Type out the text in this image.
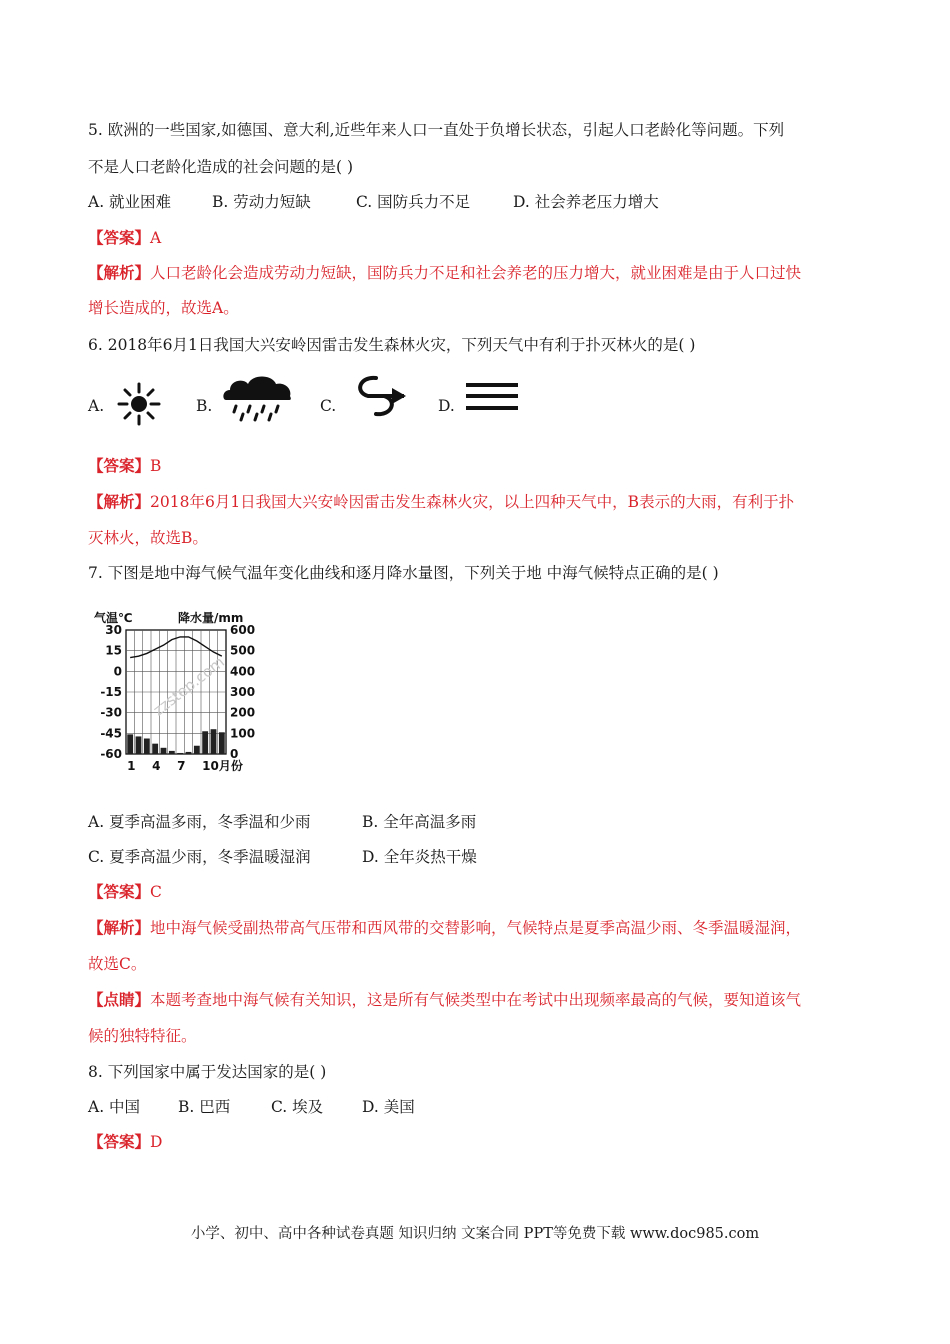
5. 欧洲的一些国家,如德国、意大利,近些年来人口一直处于负增长状态，引起人口老龄化等问题。下列
不是人口老龄化造成的社会问题的是( )
A. 就业困难	B. 劳动力短缺	C. 国防兵力不足	D. 社会养老压力增大
【答案】A
【解析】人口老龄化会造成劳动力短缺，国防兵力不足和社会养老的压力增大，就业困难是由于人口过快
增长造成的，故选A。
6. 2018年6月1日我国大兴安岭因雷击发生森林火灾，下列天气中有利于扑灭林火的是( )
A.	B.	C.	D.
【答案】B
【解析】2018年6月1日我国大兴安岭因雷击发生森林火灾，以上四种天气中，B表示的大雨，有利于扑
灭林火，故选B。
7. 下图是地中海气候气温年变化曲线和逐月降水量图，下列关于地 中海气候特点正确的是( )
气温℃	降水量/mm
30
15
0
-15
-30
-45
-60
600
500
400
300
200
100
0
zzstep.com
1 4 7 10月份
A. 夏季高温多雨，冬季温和少雨	B. 全年高温多雨
C. 夏季高温少雨，冬季温暖湿润	D. 全年炎热干燥
【答案】C
【解析】地中海气候受副热带高气压带和西风带的交替影响，气候特点是夏季高温少雨、冬季温暖湿润，
故选C。
【点睛】本题考查地中海气候有关知识，这是所有气候类型中在考试中出现频率最高的气候，要知道该气
候的独特特征。
8. 下列国家中属于发达国家的是( )
A. 中国 B. 巴西	C. 埃及	D. 美国
【答案】D
小学、初中、高中各种试卷真题 知识归纳 文案合同 PPT等免费下载 www.doc985.com
